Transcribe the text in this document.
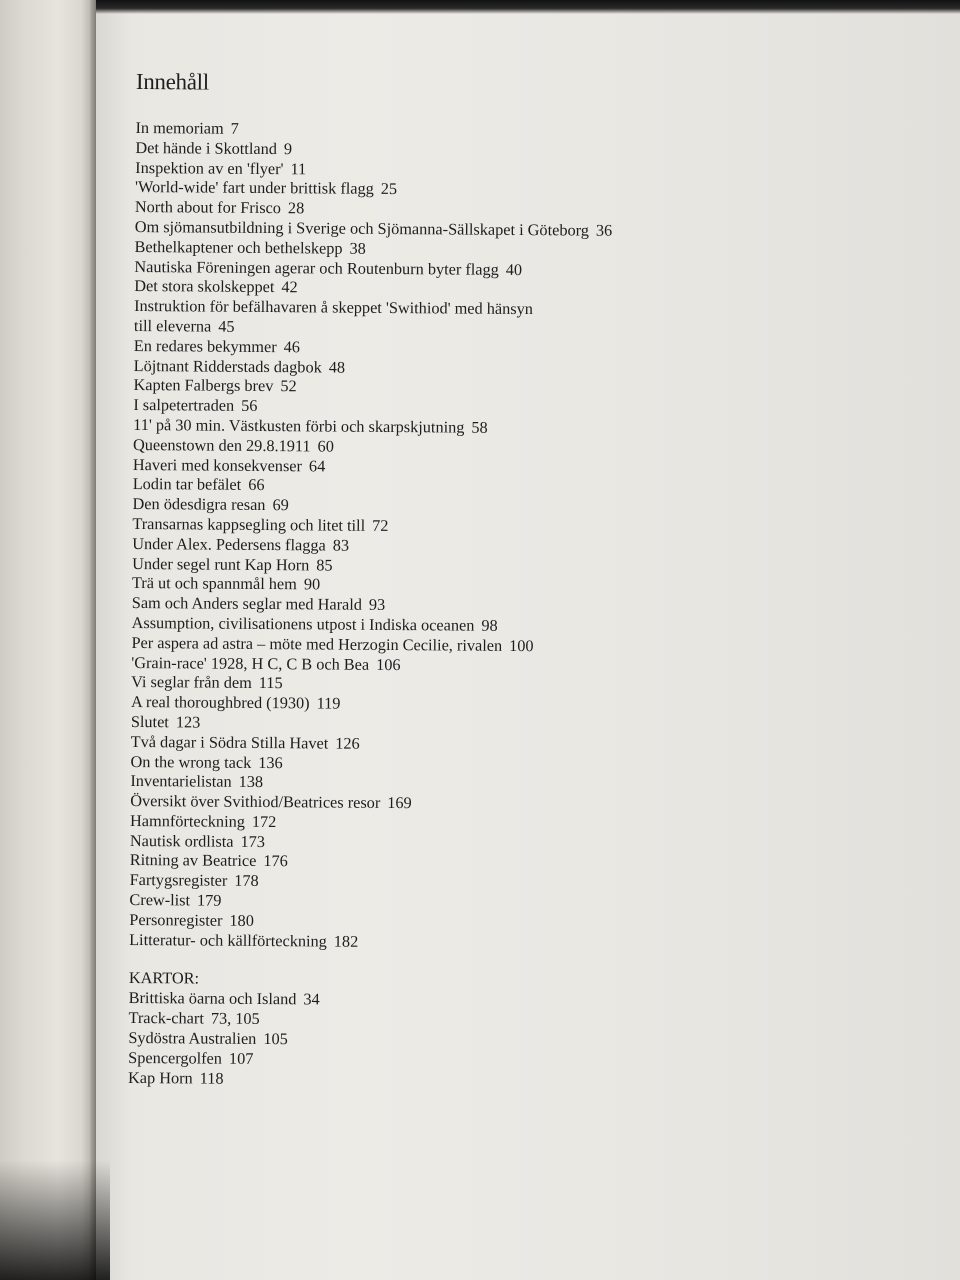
Innehåll
In memoriam 7
Det hände i Skottland 9
Inspektion av en 'flyer' 11
'World-wide' fart under brittisk flagg 25
North about for Frisco 28
Om sjömansutbildning i Sverige och Sjömanna-Sällskapet i Göteborg 36
Bethelkaptener och bethelskepp 38
Nautiska Föreningen agerar och Routenburn byter flagg 40
Det stora skolskeppet 42
Instruktion för befälhavaren å skeppet 'Swithiod' med hänsyn
till eleverna 45
En redares bekymmer 46
Löjtnant Ridderstads dagbok 48
Kapten Falbergs brev 52
I salpetertraden 56
11' på 30 min. Västkusten förbi och skarpskjutning 58
Queenstown den 29.8.1911 60
Haveri med konsekvenser 64
Lodin tar befälet 66
Den ödesdigra resan 69
Transarnas kappsegling och litet till 72
Under Alex. Pedersens flagga 83
Under segel runt Kap Horn 85
Trä ut och spannmål hem 90
Sam och Anders seglar med Harald 93
Assumption, civilisationens utpost i Indiska oceanen 98
Per aspera ad astra – möte med Herzogin Cecilie, rivalen 100
'Grain-race' 1928, H C, C B och Bea 106
Vi seglar från dem 115
A real thoroughbred (1930) 119
Slutet 123
Två dagar i Södra Stilla Havet 126
On the wrong tack 136
Inventarielistan 138
Översikt över Svithiod/Beatrices resor 169
Hamnförteckning 172
Nautisk ordlista 173
Ritning av Beatrice 176
Fartygsregister 178
Crew-list 179
Personregister 180
Litteratur- och källförteckning 182
KARTOR:
Brittiska öarna och Island 34
Track-chart 73, 105
Sydöstra Australien 105
Spencergolfen 107
Kap Horn 118
